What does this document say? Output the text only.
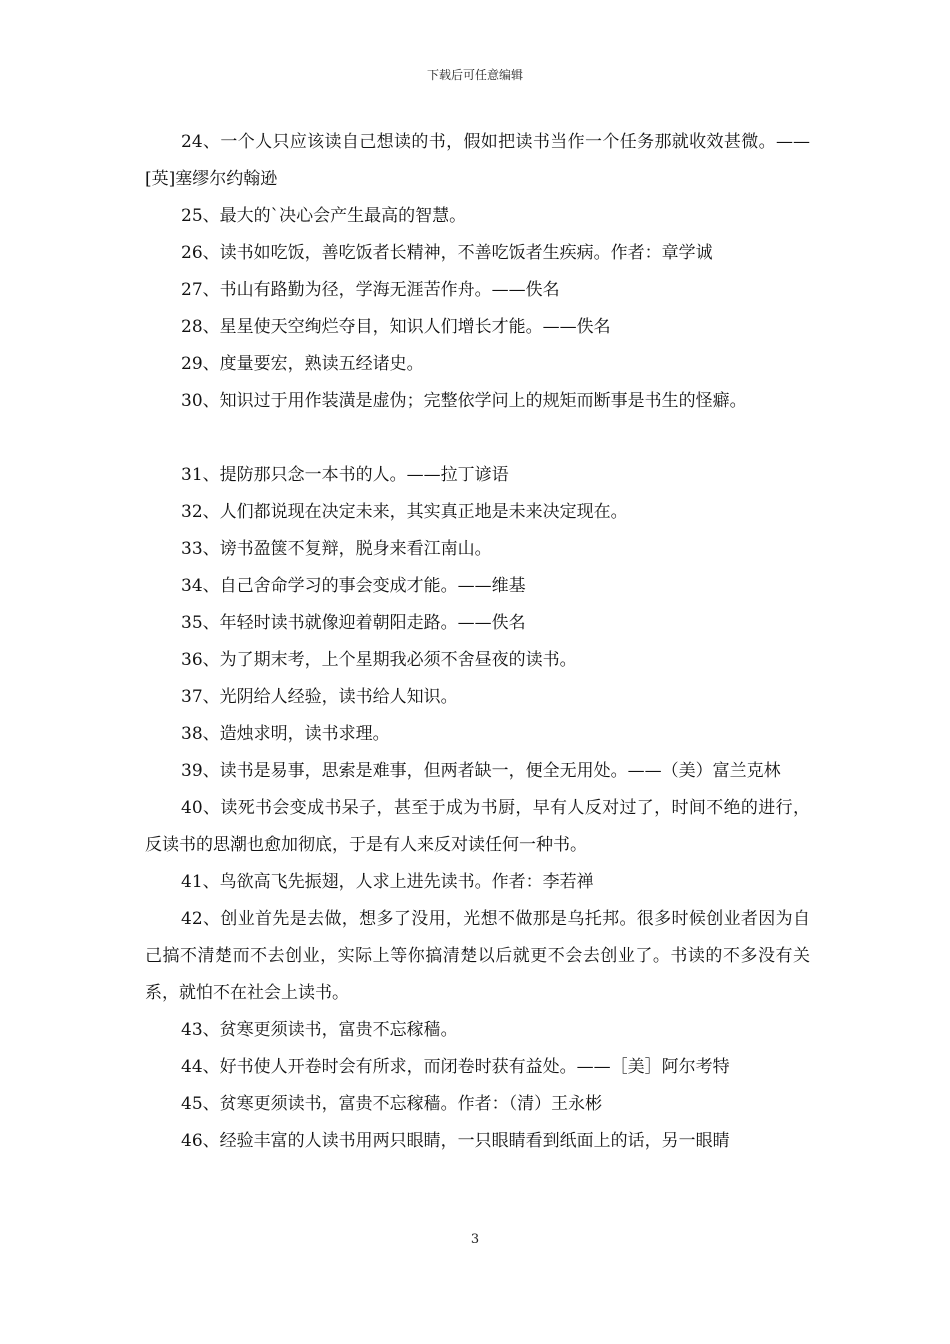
下载后可任意编辑

24、一个人只应该读自己想读的书，假如把读书当作一个任务那就收效甚微。——[英]塞缪尔约翰逊

25、最大的`决心会产生最高的智慧。

26、读书如吃饭，善吃饭者长精神，不善吃饭者生疾病。作者：章学诚

27、书山有路勤为径，学海无涯苦作舟。——佚名

28、星星使天空绚烂夺目，知识人们增长才能。——佚名

29、度量要宏，熟读五经诸史。

30、知识过于用作装潢是虚伪；完整依学问上的规矩而断事是书生的怪癖。

31、提防那只念一本书的人。——拉丁谚语

32、人们都说现在决定未来，其实真正地是未来决定现在。

33、谤书盈箧不复辩，脱身来看江南山。

34、自己舍命学习的事会变成才能。——维基

35、年轻时读书就像迎着朝阳走路。——佚名

36、为了期末考，上个星期我必须不舍昼夜的读书。

37、光阴给人经验，读书给人知识。

38、造烛求明，读书求理。

39、读书是易事，思索是难事，但两者缺一，便全无用处。——（美）富兰克林

40、读死书会变成书呆子，甚至于成为书厨，早有人反对过了，时间不绝的进行，反读书的思潮也愈加彻底，于是有人来反对读任何一种书。

41、鸟欲高飞先振翅，人求上进先读书。作者：李若禅

42、创业首先是去做，想多了没用，光想不做那是乌托邦。很多时候创业者因为自己搞不清楚而不去创业，实际上等你搞清楚以后就更不会去创业了。书读的不多没有关系，就怕不在社会上读书。

43、贫寒更须读书，富贵不忘稼穑。

44、好书使人开卷时会有所求，而闭卷时获有益处。——［美］阿尔考特

45、贫寒更须读书，富贵不忘稼穑。作者：（清）王永彬

46、经验丰富的人读书用两只眼睛，一只眼睛看到纸面上的话，另一眼睛

3
